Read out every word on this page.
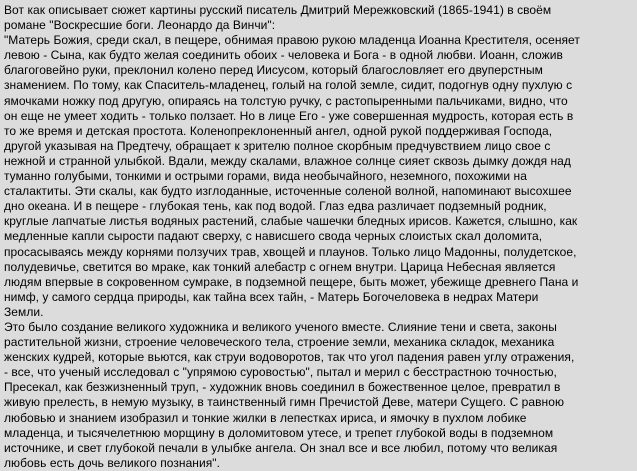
Вот как описывает сюжет картины русский писатель Дмитрий Мережковский (1865-1941) в своём
романе "Воскресшие боги. Леонардо да Винчи":
"Матерь Божия, среди скал, в пещере, обнимая правою рукою младенца Иоанна Крестителя, осеняет
левою - Сына, как будто желая соединить обоих - человека и Бога - в одной любви. Иоанн, сложив
благоговейно руки, преклонил колено перед Иисусом, который благословляет его двуперстным
знамением. По тому, как Спаситель-младенец, голый на голой земле, сидит, подогнув одну пухлую с
ямочками ножку под другую, опираясь на толстую ручку, с растопыренными пальчиками, видно, что
он еще не умеет ходить - только ползает. Но в лице Его - уже совершенная мудрость, которая есть в
то же время и детская простота. Коленопреклоненный ангел, одной рукой поддерживая Господа,
другой указывая на Предтечу, обращает к зрителю полное скорбным предчувствием лицо свое с
нежной и странной улыбкой. Вдали, между скалами, влажное солнце сияет сквозь дымку дождя над
туманно голубыми, тонкими и острыми горами, вида необычайного, неземного, похожими на
сталактиты. Эти скалы, как будто изглоданные, источенные соленой волной, напоминают высохшее
дно океана. И в пещере - глубокая тень, как под водой. Глаз едва различает подземный родник,
круглые лапчатые листья водяных растений, слабые чашечки бледных ирисов. Кажется, слышно, как
медленные капли сырости падают сверху, с нависшего свода черных слоистых скал доломита,
просасываясь между корнями ползучих трав, хвощей и плаунов. Только лицо Мадонны, полудетское,
полудевичье, светится во мраке, как тонкий алебастр с огнем внутри. Царица Небесная является
людям впервые в сокровенном сумраке, в подземной пещере, быть может, убежище древнего Пана и
нимф, у самого сердца природы, как тайна всех тайн, - Матерь Богочеловека в недрах Матери
Земли.
Это было создание великого художника и великого ученого вместе. Слияние тени и света, законы
растительной жизни, строение человеческого тела, строение земли, механика складок, механика
женских кудрей, которые вьются, как струи водоворотов, так что угол падения равен углу отражения,
- все, что ученый исследовал с "упрямою суровостью", пытал и мерил с бесстрастною точностью,
Пресекал, как безжизненный труп, - художник вновь соединил в божественное целое, превратил в
живую прелесть, в немую музыку, в таинственный гимн Пречистой Деве, матери Сущего. С равною
любовью и знанием изобразил и тонкие жилки в лепестках ириса, и ямочку в пухлом лобике
младенца, и тысячелетнюю морщину в доломитовом утесе, и трепет глубокой воды в подземном
источнике, и свет глубокой печали в улыбке ангела. Он знал все и все любил, потому что великая
любовь есть дочь великого познания".
